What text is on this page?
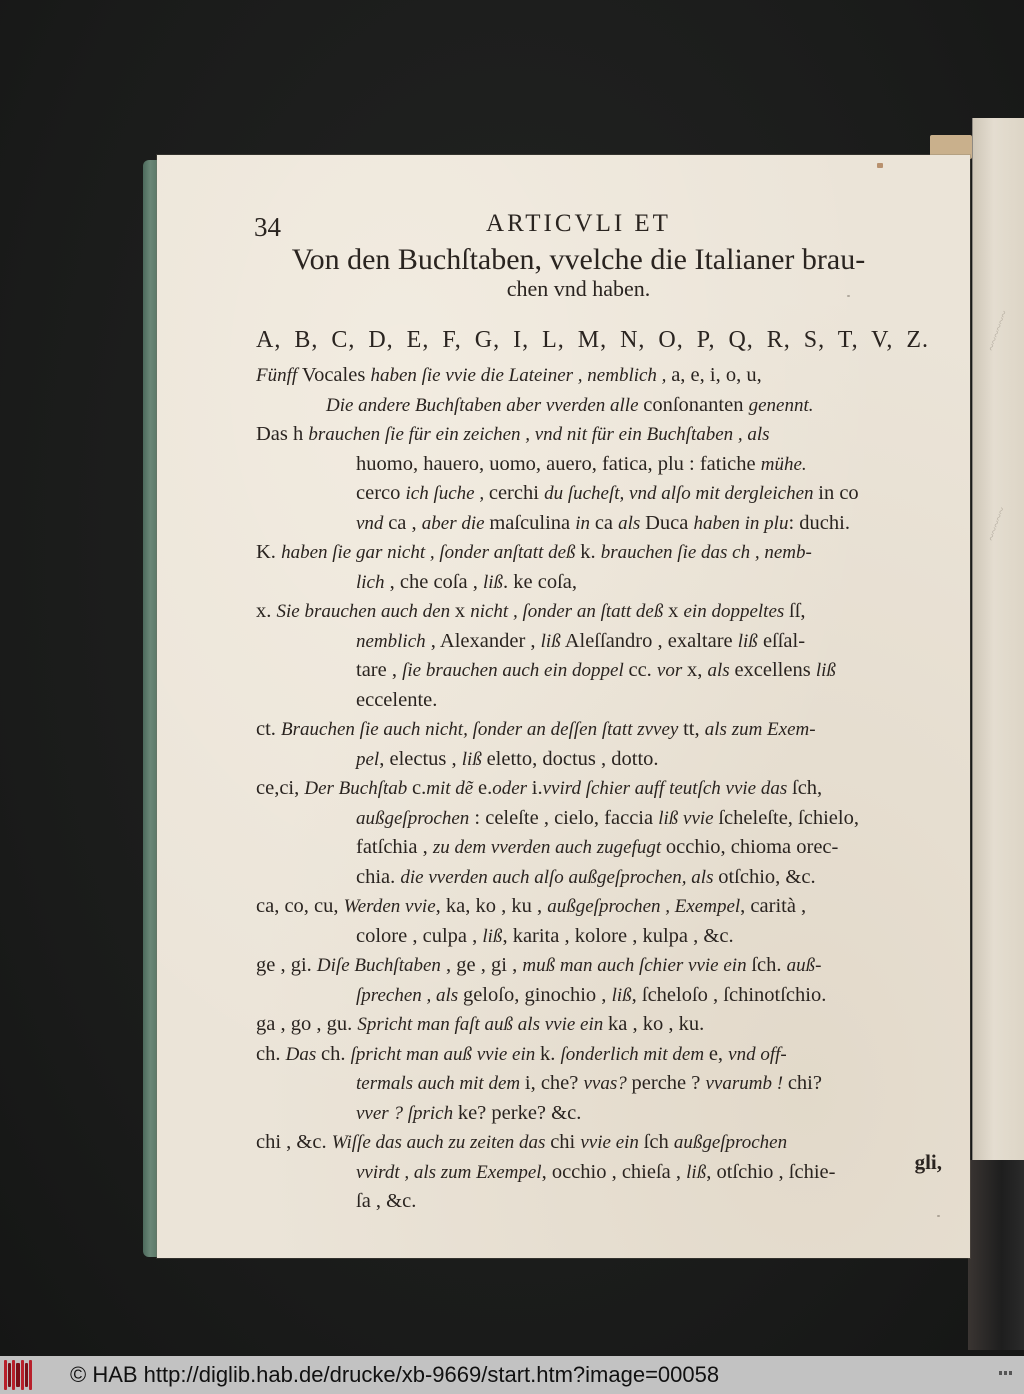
~~~~~~
~~~~~
34	ARTICVLI ET
Von den Buchſtaben, vvelche die Italianer brau-
chen vnd haben.
A, B, C, D, E, F, G, I, L, M, N, O, P, Q, R, S, T, V, Z.

Fünff Vocales haben ſie vvie die Lateiner , nemblich , a, e, i, o, u,
Die andere Buchſtaben aber vverden alle conſonanten genennt.

Das h brauchen ſie für ein zeichen , vnd nit für ein Buchſtaben , als
huomo, hauero, uomo, auero, fatica, plu : fatiche mühe.
cerco ich ſuche , cerchi du ſucheſt, vnd alſo mit dergleichen in co
vnd ca , aber die maſculina in ca als Duca haben in plu: duchi.

K. haben ſie gar nicht , ſonder anſtatt deß k. brauchen ſie das ch , nemb-
lich , che coſa , liß. ke coſa,

x. Sie brauchen auch den x nicht , ſonder an ſtatt deß x ein doppeltes ſſ,
nemblich , Alexander , liß Aleſſandro , exaltare liß eſſal-
tare , ſie brauchen auch ein doppel cc. vor x, als excellens liß
eccelente.

ct. Brauchen ſie auch nicht, ſonder an deſſen ſtatt zvvey tt, als zum Exem-
pel, electus , liß eletto, doctus , dotto.

ce,ci, Der Buchſtab c.mit dẽ e.oder i.vvird ſchier auff teutſch vvie das ſch,
außgeſprochen : celeſte , cielo, faccia liß vvie ſcheleſte, ſchielo,
fatſchia , zu dem vverden auch zugefugt occhio, chioma orec-
chia. die vverden auch alſo außgeſprochen, als otſchio, &c.

ca, co, cu, Werden vvie, ka, ko , ku , außgeſprochen , Exempel, carità ,
colore , culpa , liß, karita , kolore , kulpa , &c.

ge , gi. Diſe Buchſtaben , ge , gi , muß man auch ſchier vvie ein ſch. auß-
ſprechen , als geloſo, ginochio , liß, ſcheloſo , ſchinotſchio.

ga , go , gu. Spricht man faſt auß als vvie ein ka , ko , ku.

ch. Das ch. ſpricht man auß vvie ein k. ſonderlich mit dem e, vnd off-
termals auch mit dem i, che? vvas? perche ? vvarumb ! chi?
vver ? ſprich ke? perke? &c.

chi , &c. Wiſſe das auch zu zeiten das chi vvie ein ſch außgeſprochen
vvirdt , als zum Exempel, occhio , chieſa , liß, otſchio , ſchie-
ſa , &c.

gli,
© HAB http://diglib.hab.de/drucke/xb-9669/start.htm?image=00058
